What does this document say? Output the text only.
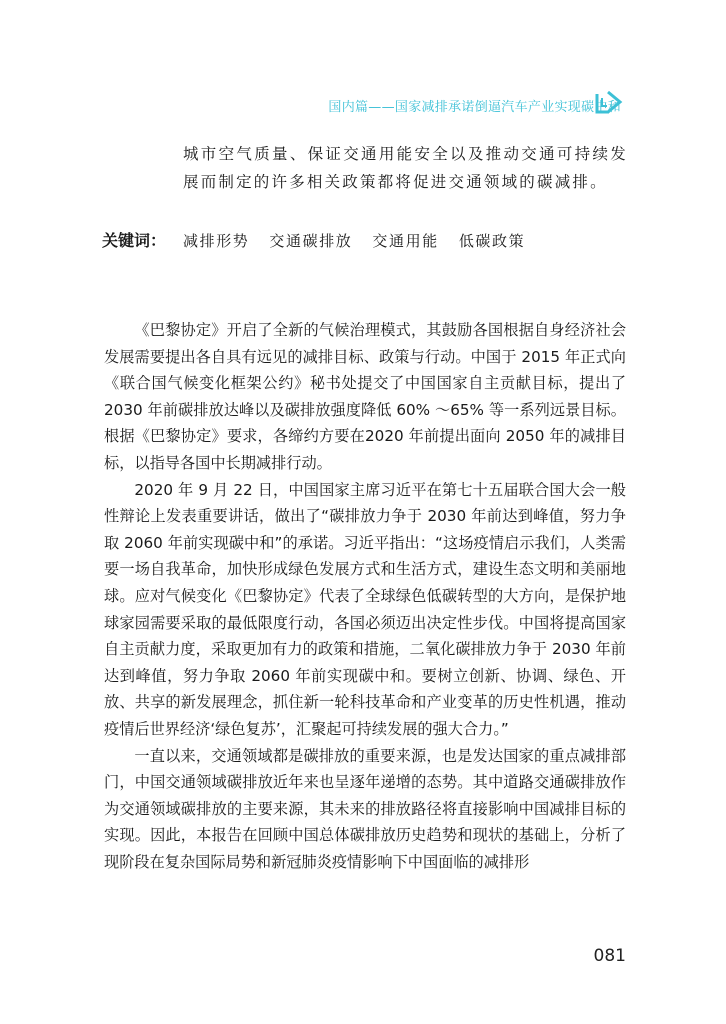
国内篇——国家减排承诺倒逼汽车产业实现碳中和

城市空气质量、保证交通用能安全以及推动交通可持续发展而制定的许多相关政策都将促进交通领域的碳减排。

关键词：	减排形势 交通碳排放 交通用能 低碳政策

《巴黎协定》开启了全新的气候治理模式，其鼓励各国根据自身经济社会发展需要提出各自具有远见的减排目标、政策与行动。中国于 2015 年正式向《联合国气候变化框架公约》秘书处提交了中国国家自主贡献目标，提出了 2030 年前碳排放达峰以及碳排放强度降低 60% ～65% 等一系列远景目标。根据《巴黎协定》要求，各缔约方要在2020 年前提出面向 2050 年的减排目标，以指导各国中长期减排行动。

2020 年 9 月 22 日，中国国家主席习近平在第七十五届联合国大会一般性辩论上发表重要讲话，做出了“碳排放力争于 2030 年前达到峰值，努力争取 2060 年前实现碳中和”的承诺。习近平指出：“这场疫情启示我们，人类需要一场自我革命，加快形成绿色发展方式和生活方式，建设生态文明和美丽地球。应对气候变化《巴黎协定》代表了全球绿色低碳转型的大方向，是保护地球家园需要采取的最低限度行动，各国必须迈出决定性步伐。中国将提高国家自主贡献力度，采取更加有力的政策和措施，二氧化碳排放力争于 2030 年前达到峰值，努力争取 2060 年前实现碳中和。要树立创新、协调、绿色、开放、共享的新发展理念，抓住新一轮科技革命和产业变革的历史性机遇，推动疫情后世界经济‘绿色复苏’，汇聚起可持续发展的强大合力。”

一直以来，交通领域都是碳排放的重要来源，也是发达国家的重点减排部门，中国交通领域碳排放近年来也呈逐年递增的态势。其中道路交通碳排放作为交通领域碳排放的主要来源，其未来的排放路径将直接影响中国减排目标的实现。因此，本报告在回顾中国总体碳排放历史趋势和现状的基础上，分析了现阶段在复杂国际局势和新冠肺炎疫情影响下中国面临的减排形

081
